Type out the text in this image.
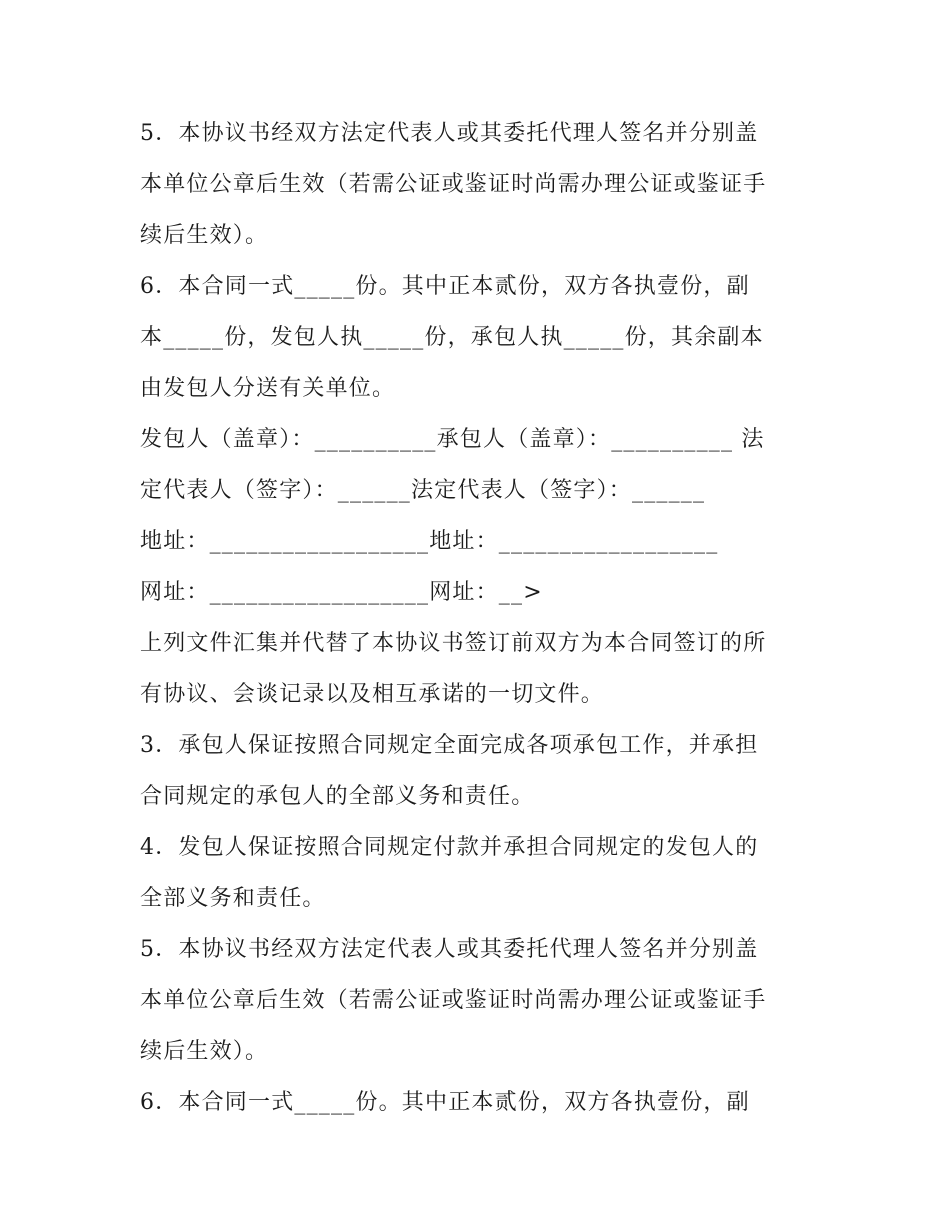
5．本协议书经双方法定代表人或其委托代理人签名并分别盖
本单位公章后生效（若需公证或鉴证时尚需办理公证或鉴证手
续后生效）。
6．本合同一式_____份。其中正本贰份，双方各执壹份，副
本_____份，发包人执_____份，承包人执_____份，其余副本
由发包人分送有关单位。
发包人（盖章）：__________承包人（盖章）：__________ 法
定代表人（签字）：______法定代表人（签字）：______
地址：__________________地址：__________________
网址：__________________网址：__>
上列文件汇集并代替了本协议书签订前双方为本合同签订的所
有协议、会谈记录以及相互承诺的一切文件。
3．承包人保证按照合同规定全面完成各项承包工作，并承担
合同规定的承包人的全部义务和责任。
4．发包人保证按照合同规定付款并承担合同规定的发包人的
全部义务和责任。
5．本协议书经双方法定代表人或其委托代理人签名并分别盖
本单位公章后生效（若需公证或鉴证时尚需办理公证或鉴证手
续后生效）。
6．本合同一式_____份。其中正本贰份，双方各执壹份，副
